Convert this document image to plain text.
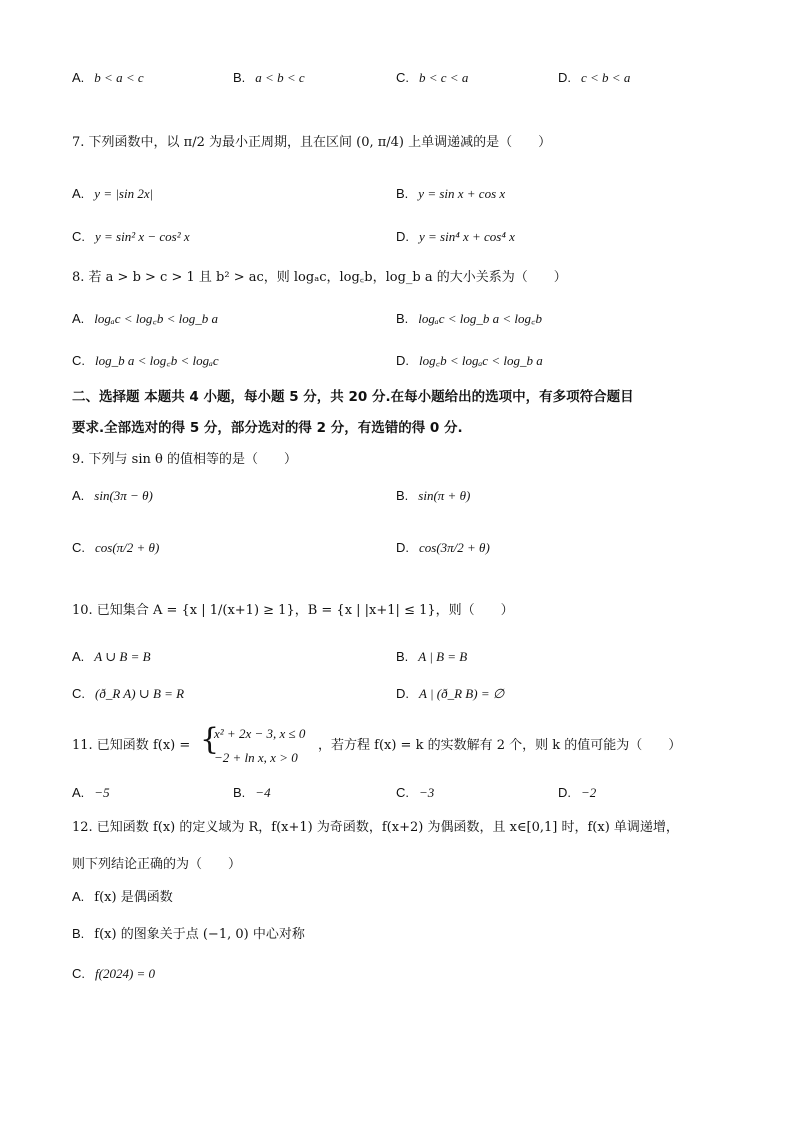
A. b < a < c	B. a < b < c	C. b < c < a	D. c < b < a
7. 下列函数中，以 π/2 为最小正周期，且在区间 (0, π/4) 上单调递减的是（　　）
A. y = |sin 2x|	B. y = sin x + cos x
C. y = sin² x − cos² x	D. y = sin⁴ x + cos⁴ x
8. 若 a > b > c > 1 且 b² > ac，则 logₐc，log꜀b，log_b a 的大小关系为（　　）
A. logₐc < log꜀b < log_b a	B. logₐc < log_b a < log꜀b
C. log_b a < log꜀b < logₐc	D. log꜀b < logₐc < log_b a
二、选择题 本题共 4 小题，每小题 5 分，共 20 分.在每小题给出的选项中，有多项符合题目
要求.全部选对的得 5 分，部分选对的得 2 分，有选错的得 0 分.
9. 下列与 sin θ 的值相等的是（　　）
A. sin(3π − θ)	B. sin(π + θ)
C. cos(π/2 + θ)	D. cos(3π/2 + θ)
10. 已知集合 A = {x | 1/(x+1) ≥ 1}，B = {x | |x+1| ≤ 1}，则（　　）
A. A ∪ B = B	B. A | B = B
C. (ð_R A) ∪ B = R	D. A | (ð_R B) = ∅
11. 已知函数 f(x) = {
x² + 2x − 3, x ≤ 0
−2 + ln x, x > 0
，若方程 f(x) = k 的实数解有 2 个，则 k 的值可能为（　　）
A. −5	B. −4	C. −3	D. −2
12. 已知函数 f(x) 的定义域为 R，f(x+1) 为奇函数，f(x+2) 为偶函数，且 x∈[0,1] 时，f(x) 单调递增，
则下列结论正确的为（　　）
A. f(x) 是偶函数
B. f(x) 的图象关于点 (−1, 0) 中心对称
C. f(2024) = 0
